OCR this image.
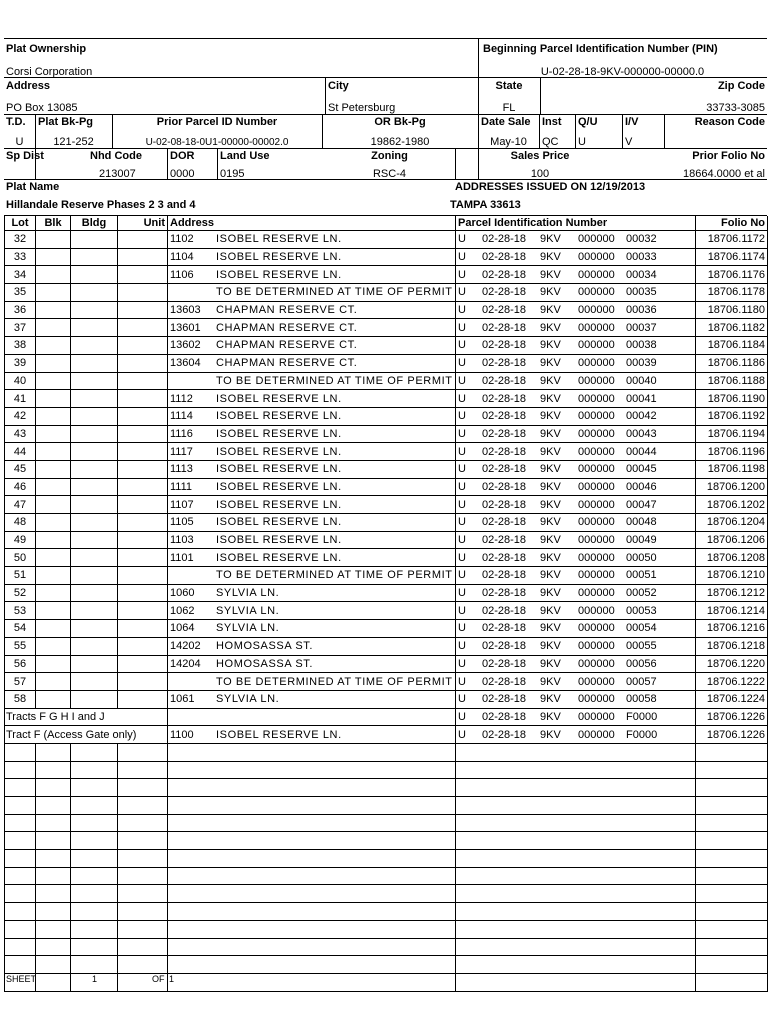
Plat Ownership
Corsi Corporation
Beginning Parcel Identification Number (PIN)
U-02-28-18-9KV-000000-00000.0
Address
PO Box 13085
City
St Petersburg
State
FL
Zip Code
33733-3085
T.D.
U
Plat Bk-Pg
121-252
Prior Parcel ID Number
U-02-08-18-0U1-00000-00002.0
OR Bk-Pg
19862-1980
Date Sale
May-10
Inst
QC
Q/U
U
I/V
V
Reason Code
Sp Dist	Nhd Code
213007
DOR
0000
Land Use
0195
Zoning
RSC-4
Sales Price
100
Prior Folio No
18664.0000 et al
Plat Name
Hillandale Reserve Phases 2 3 and 4
ADDRESSES ISSUED ON 12/19/2013
TAMPA 33613
Lot	Blk	Bldg	Unit	Address	Parcel Identification Number	Folio No
32				1102 ISOBEL RESERVE LN.	U 02-28-18 9KV 000000 00032	18706.1172
33				1104 ISOBEL RESERVE LN.	U 02-28-18 9KV 000000 00033	18706.1174
34				1106 ISOBEL RESERVE LN.	U 02-28-18 9KV 000000 00034	18706.1176
35				TO BE DETERMINED AT TIME OF PERMIT	U 02-28-18 9KV 000000 00035	18706.1178
36				13603 CHAPMAN RESERVE CT.	U 02-28-18 9KV 000000 00036	18706.1180
37				13601 CHAPMAN RESERVE CT.	U 02-28-18 9KV 000000 00037	18706.1182
38				13602 CHAPMAN RESERVE CT.	U 02-28-18 9KV 000000 00038	18706.1184
39				13604 CHAPMAN RESERVE CT.	U 02-28-18 9KV 000000 00039	18706.1186
40				TO BE DETERMINED AT TIME OF PERMIT	U 02-28-18 9KV 000000 00040	18706.1188
41				1112 ISOBEL RESERVE LN.	U 02-28-18 9KV 000000 00041	18706.1190
42				1114 ISOBEL RESERVE LN.	U 02-28-18 9KV 000000 00042	18706.1192
43				1116 ISOBEL RESERVE LN.	U 02-28-18 9KV 000000 00043	18706.1194
44				1117 ISOBEL RESERVE LN.	U 02-28-18 9KV 000000 00044	18706.1196
45				1113 ISOBEL RESERVE LN.	U 02-28-18 9KV 000000 00045	18706.1198
46				1111 ISOBEL RESERVE LN.	U 02-28-18 9KV 000000 00046	18706.1200
47				1107 ISOBEL RESERVE LN.	U 02-28-18 9KV 000000 00047	18706.1202
48				1105 ISOBEL RESERVE LN.	U 02-28-18 9KV 000000 00048	18706.1204
49				1103 ISOBEL RESERVE LN.	U 02-28-18 9KV 000000 00049	18706.1206
50				1101 ISOBEL RESERVE LN.	U 02-28-18 9KV 000000 00050	18706.1208
51				TO BE DETERMINED AT TIME OF PERMIT	U 02-28-18 9KV 000000 00051	18706.1210
52				1060 SYLVIA LN.	U 02-28-18 9KV 000000 00052	18706.1212
53				1062 SYLVIA LN.	U 02-28-18 9KV 000000 00053	18706.1214
54				1064 SYLVIA LN.	U 02-28-18 9KV 000000 00054	18706.1216
55				14202 HOMOSASSA ST.	U 02-28-18 9KV 000000 00055	18706.1218
56				14204 HOMOSASSA ST.	U 02-28-18 9KV 000000 00056	18706.1220
57				TO BE DETERMINED AT TIME OF PERMIT	U 02-28-18 9KV 000000 00057	18706.1222
58				1061 SYLVIA LN.	U 02-28-18 9KV 000000 00058	18706.1224
Tracts F G H I and J					U 02-28-18 9KV 000000 F0000	18706.1226
Tract F (Access Gate only)				1100 ISOBEL RESERVE LN.	U 02-28-18 9KV 000000 F0000	18706.1226

SHEET	1	OF 1
